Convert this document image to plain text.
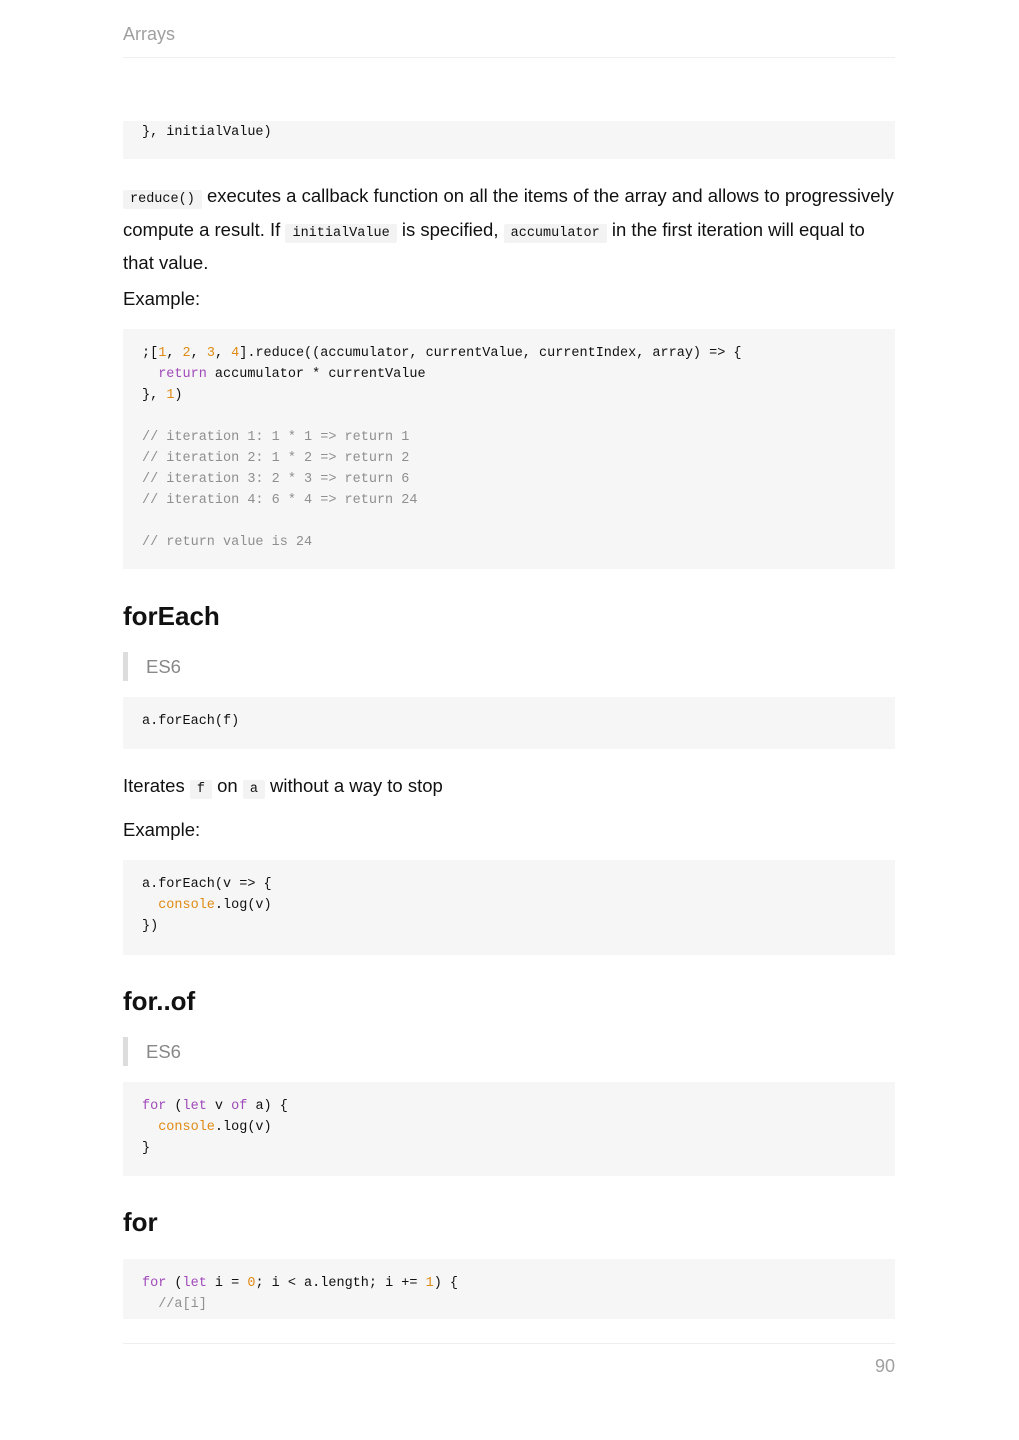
Arrays
}, initialValue)

reduce() executes a callback function on all the items of the array and allows to progressively compute a result. If initialValue is specified, accumulator in the first iteration will equal to that value.

Example:

;[1, 2, 3, 4].reduce((accumulator, currentValue, currentIndex, array) => {
return accumulator * currentValue
}, 1)

// iteration 1: 1 * 1 => return 1
// iteration 2: 1 * 2 => return 2
// iteration 3: 2 * 3 => return 6
// iteration 4: 6 * 4 => return 24

// return value is 24
forEach
ES6
a.forEach(f)

Iterates f on a without a way to stop

Example:

a.forEach(v => {
console.log(v)
})
for..of
ES6
for (let v of a) {
console.log(v)
}
for
for (let i = 0; i < a.length; i += 1) {
//a[i]
90
